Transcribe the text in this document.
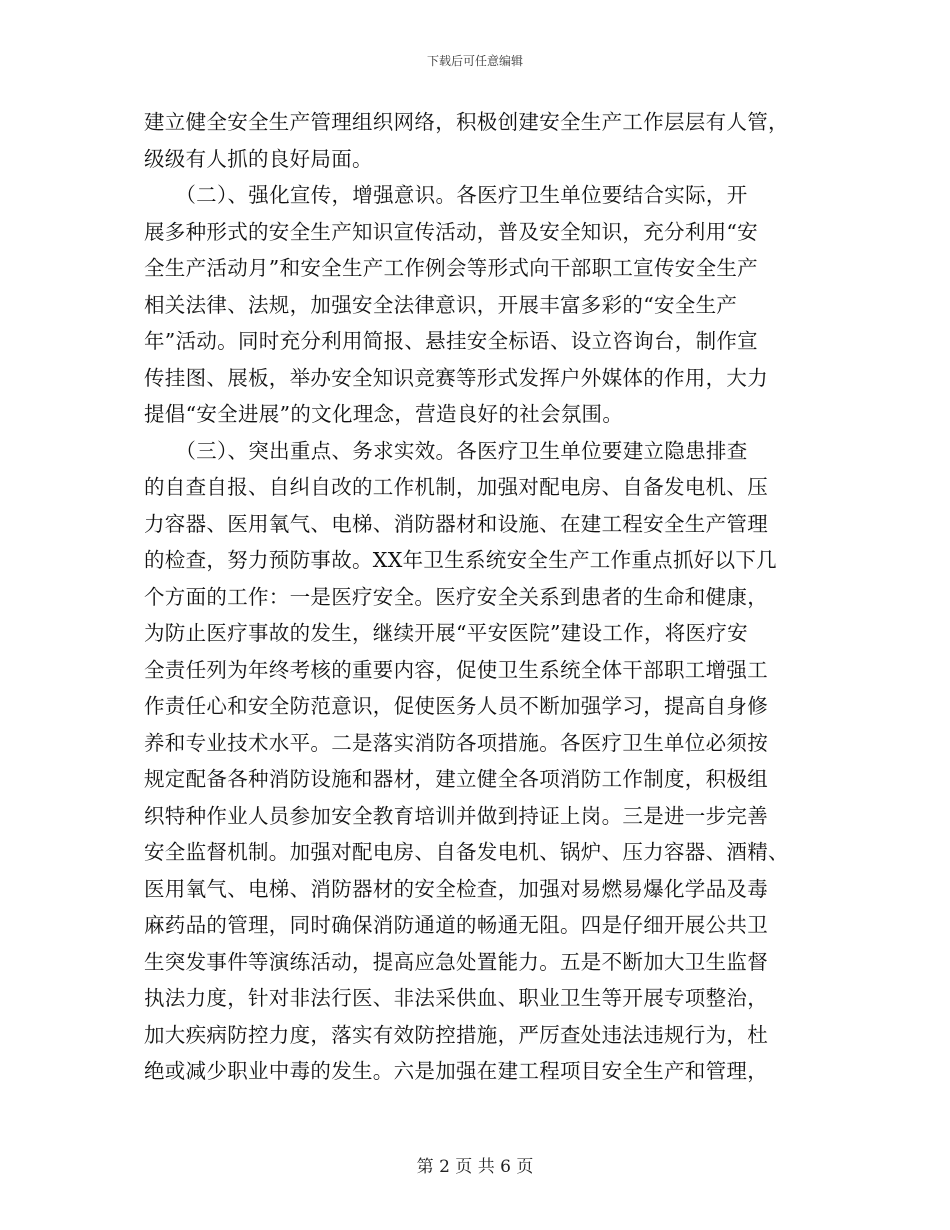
下载后可任意编辑
建立健全安全生产管理组织网络，积极创建安全生产工作层层有人管，
级级有人抓的良好局面。
　　（二）、强化宣传，增强意识。各医疗卫生单位要结合实际，开
展多种形式的安全生产知识宣传活动，普及安全知识，充分利用“安
全生产活动月”和安全生产工作例会等形式向干部职工宣传安全生产
相关法律、法规，加强安全法律意识，开展丰富多彩的“安全生产
年”活动。同时充分利用简报、悬挂安全标语、设立咨询台，制作宣
传挂图、展板，举办安全知识竞赛等形式发挥户外媒体的作用，大力
提倡“安全进展”的文化理念，营造良好的社会氛围。
　　（三）、突出重点、务求实效。各医疗卫生单位要建立隐患排查
的自查自报、自纠自改的工作机制，加强对配电房、自备发电机、压
力容器、医用氧气、电梯、消防器材和设施、在建工程安全生产管理
的检查，努力预防事故。XX年卫生系统安全生产工作重点抓好以下几
个方面的工作：一是医疗安全。医疗安全关系到患者的生命和健康，
为防止医疗事故的发生，继续开展“平安医院”建设工作，将医疗安
全责任列为年终考核的重要内容，促使卫生系统全体干部职工增强工
作责任心和安全防范意识，促使医务人员不断加强学习，提高自身修
养和专业技术水平。二是落实消防各项措施。各医疗卫生单位必须按
规定配备各种消防设施和器材，建立健全各项消防工作制度，积极组
织特种作业人员参加安全教育培训并做到持证上岗。三是进一步完善
安全监督机制。加强对配电房、自备发电机、锅炉、压力容器、酒精、
医用氧气、电梯、消防器材的安全检查，加强对易燃易爆化学品及毒
麻药品的管理，同时确保消防通道的畅通无阻。四是仔细开展公共卫
生突发事件等演练活动，提高应急处置能力。五是不断加大卫生监督
执法力度，针对非法行医、非法采供血、职业卫生等开展专项整治，
加大疾病防控力度，落实有效防控措施，严厉查处违法违规行为，杜
绝或减少职业中毒的发生。六是加强在建工程项目安全生产和管理，
第 2 页 共 6 页
